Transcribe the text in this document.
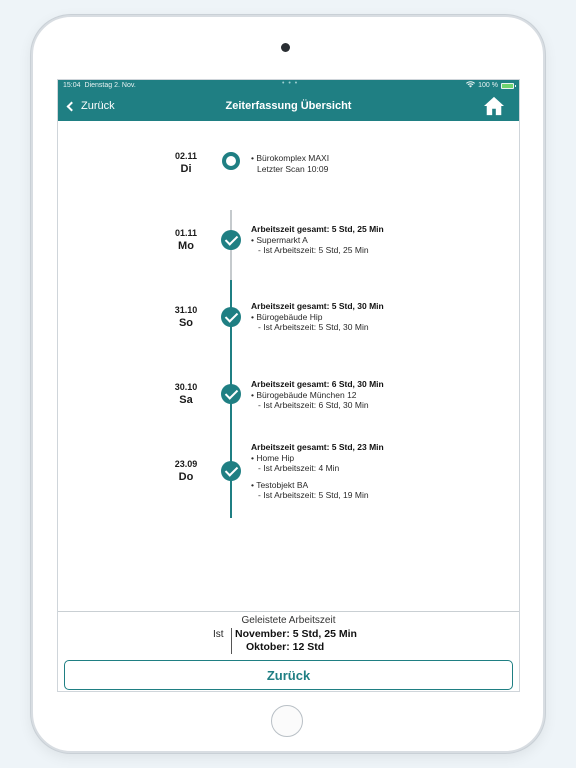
15:04 Dienstag 2. Nov.	• • •	100 %
Zurück	Zeiterfassung Übersicht
02.11
Di
• Bürokomplex MAXI
Letzter Scan 10:09
01.11
Mo
Arbeitszeit gesamt: 5 Std, 25 Min
• Supermarkt A
- Ist Arbeitszeit: 5 Std, 25 Min
31.10
So
Arbeitszeit gesamt: 5 Std, 30 Min
• Bürogebäude Hip
- Ist Arbeitszeit: 5 Std, 30 Min
30.10
Sa
Arbeitszeit gesamt: 6 Std, 30 Min
• Bürogebäude München 12
- Ist Arbeitszeit: 6 Std, 30 Min
23.09
Do
Arbeitszeit gesamt: 5 Std, 23 Min
• Home Hip
- Ist Arbeitszeit: 4 Min
• Testobjekt BA
- Ist Arbeitszeit: 5 Std, 19 Min
Geleistete Arbeitszeit
Ist November: 5 Std, 25 Min
Oktober: 12 Std
Zurück
